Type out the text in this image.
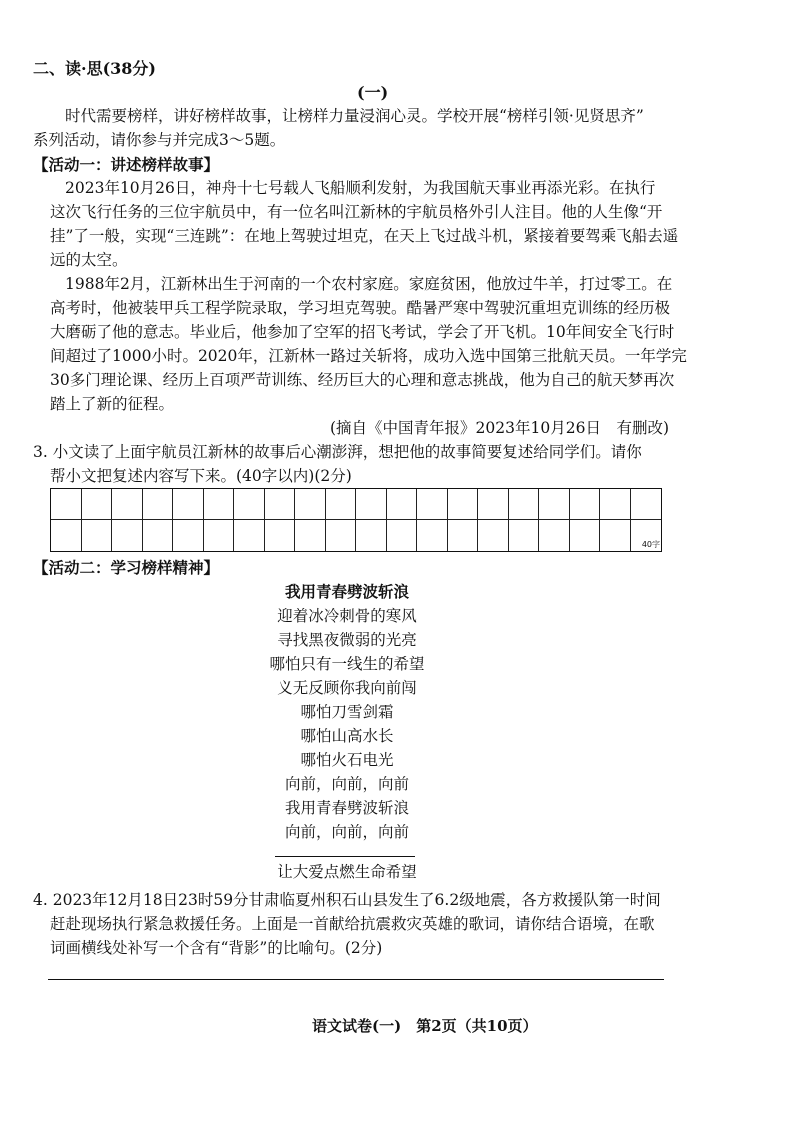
二、读·思(38分)
(一)
时代需要榜样，讲好榜样故事，让榜样力量浸润心灵。学校开展“榜样引领·见贤思齐”
系列活动，请你参与并完成3～5题。
【活动一：讲述榜样故事】
2023年10月26日，神舟十七号载人飞船顺利发射，为我国航天事业再添光彩。在执行
这次飞行任务的三位宇航员中，有一位名叫江新林的宇航员格外引人注目。他的人生像“开
挂”了一般，实现“三连跳”：在地上驾驶过坦克，在天上飞过战斗机，紧接着要驾乘飞船去遥
远的太空。
1988年2月，江新林出生于河南的一个农村家庭。家庭贫困，他放过牛羊，打过零工。在
高考时，他被装甲兵工程学院录取，学习坦克驾驶。酷暑严寒中驾驶沉重坦克训练的经历极
大磨砺了他的意志。毕业后，他参加了空军的招飞考试，学会了开飞机。10年间安全飞行时
间超过了1000小时。2020年，江新林一路过关斩将，成功入选中国第三批航天员。一年学完
30多门理论课、经历上百项严苛训练、经历巨大的心理和意志挑战，他为自己的航天梦再次
踏上了新的征程。
(摘自《中国青年报》2023年10月26日　有删改)
3. 小文读了上面宇航员江新林的故事后心潮澎湃，想把他的故事简要复述给同学们。请你
帮小文把复述内容写下来。(40字以内)(2分)
40字
【活动二：学习榜样精神】
我用青春劈波斩浪
迎着冰冷刺骨的寒风
寻找黑夜微弱的光亮
哪怕只有一线生的希望
义无反顾你我向前闯
哪怕刀雪剑霜
哪怕山高水长
哪怕火石电光
向前，向前，向前
我用青春劈波斩浪
向前，向前，向前
让大爱点燃生命希望
4. 2023年12月18日23时59分甘肃临夏州积石山县发生了6.2级地震，各方救援队第一时间
赶赴现场执行紧急救援任务。上面是一首献给抗震救灾英雄的歌词，请你结合语境，在歌
词画横线处补写一个含有“背影”的比喻句。(2分)
语文试卷(一)　第2页（共10页）
